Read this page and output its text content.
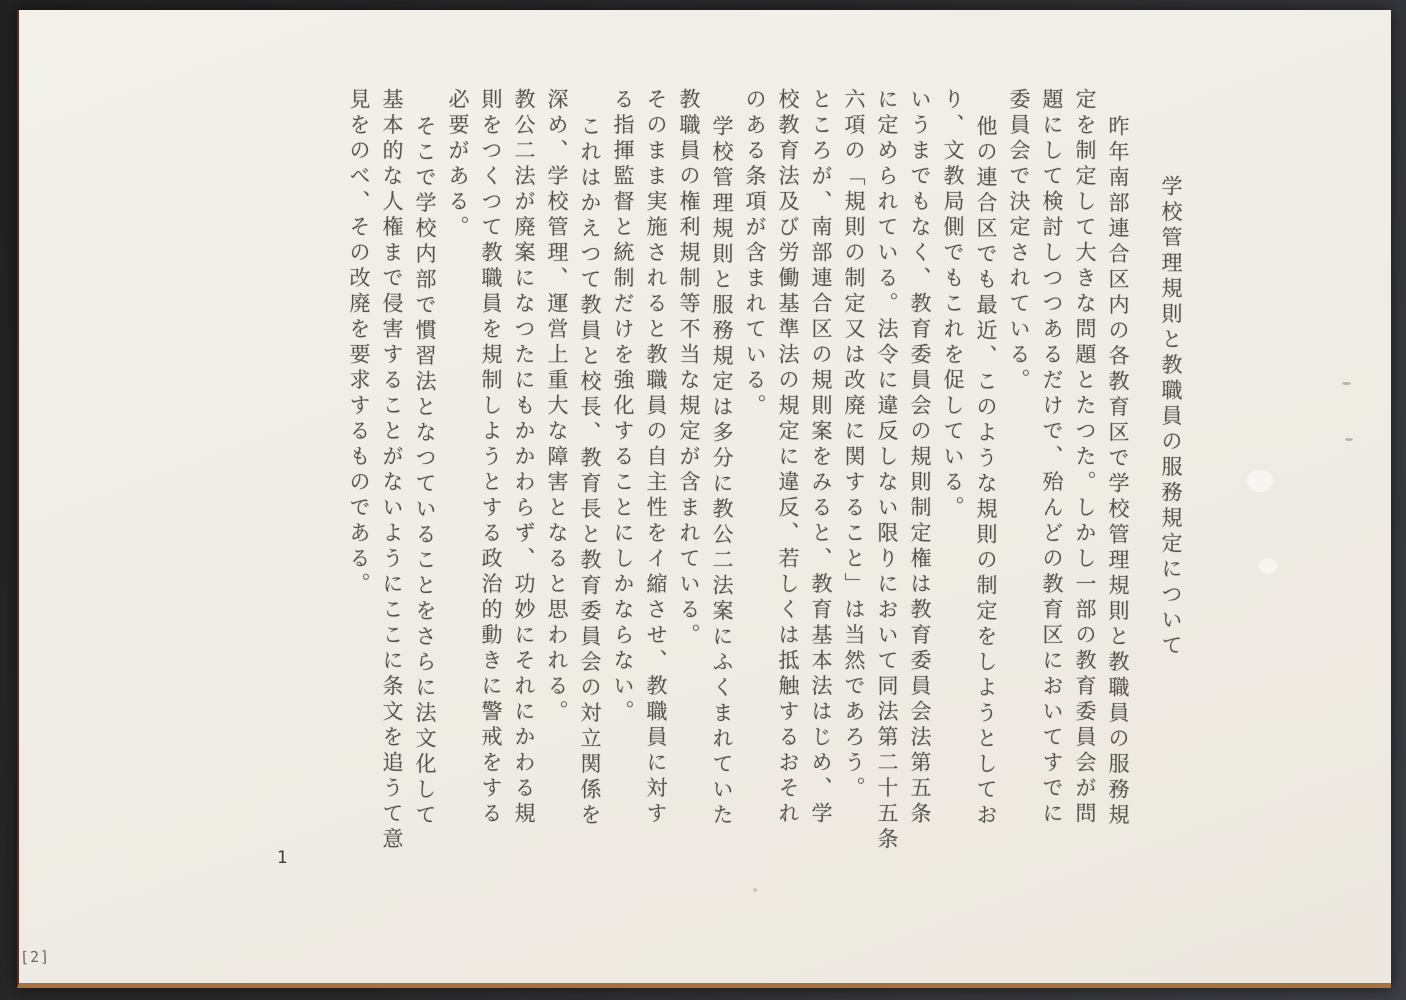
学校管理規則と教職員の服務規定について
昨年南部連合区内の各教育区で学校管理規則と教職員の服務規
定を制定して大きな問題とたつた。しかし一部の教育委員会が問
題にして検討しつつあるだけで、殆んどの教育区においてすでに
委員会で決定されている。
他の連合区でも最近、このような規則の制定をしようとしてお
り、文教局側でもこれを促している。
いうまでもなく、教育委員会の規則制定権は教育委員会法第五条
に定められている。法令に違反しない限りにおいて同法第二十五条
六項の「規則の制定又は改廃に関すること」は当然であろう。
ところが、南部連合区の規則案をみると、教育基本法はじめ、学
校教育法及び労働基準法の規定に違反、若しくは抵触するおそれ
のある条項が含まれている。
学校管理規則と服務規定は多分に教公二法案にふくまれていた
教職員の権利規制等不当な規定が含まれている。
そのまま実施されると教職員の自主性をイ縮させ、教職員に対す
る指揮監督と統制だけを強化することにしかならない。
これはかえつて教員と校長、教育長と教育委員会の対立関係を
深め、学校管理、運営上重大な障害となると思われる。
教公二法が廃案になつたにもかかわらず、功妙にそれにかわる規
則をつくつて教職員を規制しようとする政治的動きに警戒をする
必要がある。
そこで学校内部で慣習法となつていることをさらに法文化して
基本的な人権まで侵害することがないようにここに条文を追うて意
見をのべ、その改廃を要求するものである。
1
[2]
